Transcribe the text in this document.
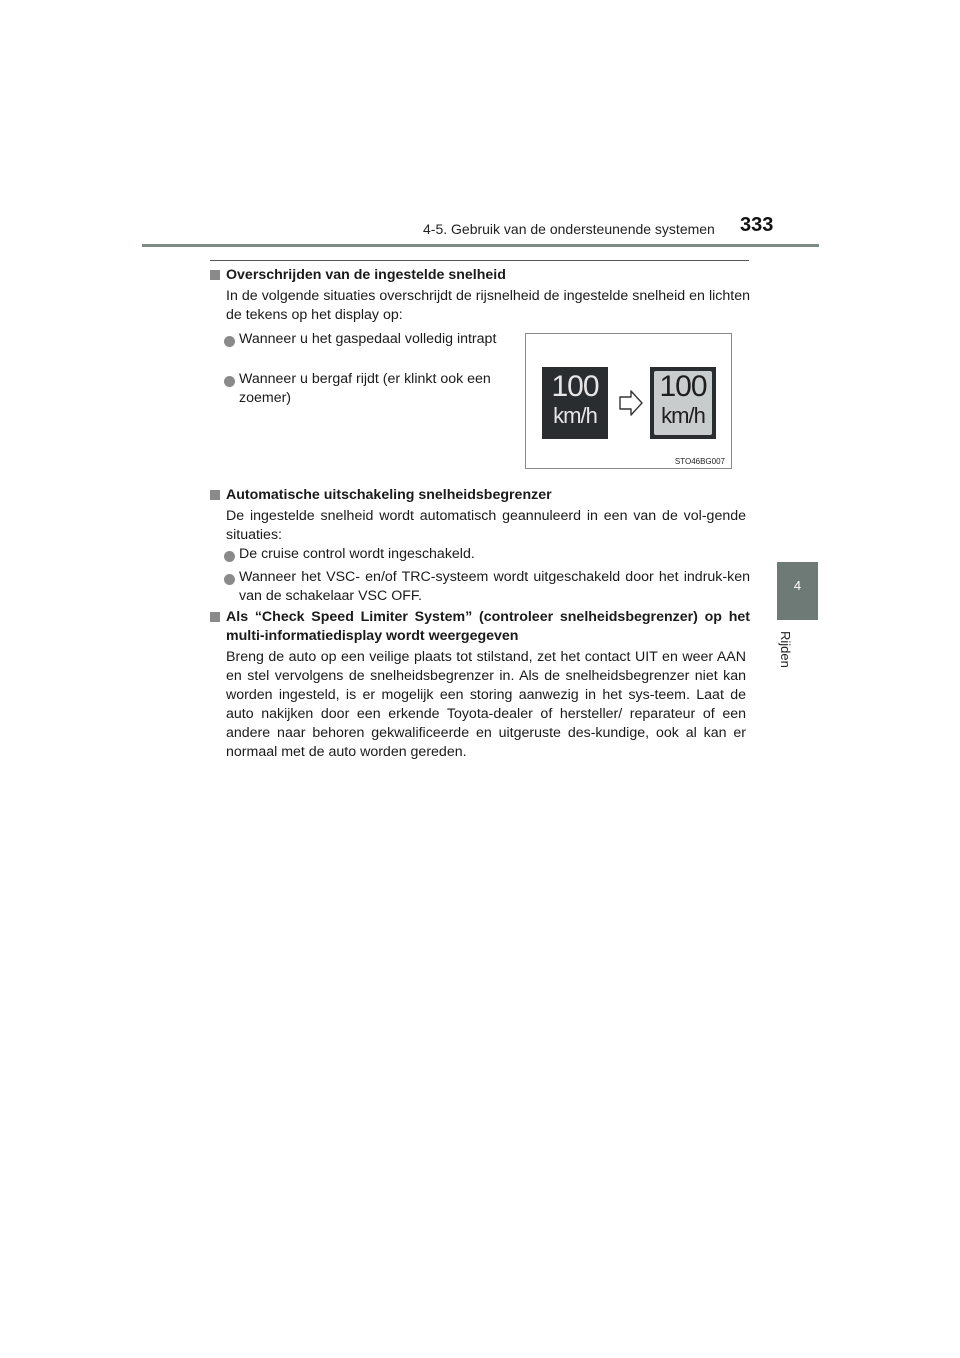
4-5. Gebruik van de ondersteunende systemen 333
4
Rijden
Overschrijden van de ingestelde snelheid
In de volgende situaties overschrijdt de rijsnelheid de ingestelde snelheid en lichten de tekens op het display op:
Wanneer u het gaspedaal volledig intrapt
Wanneer u bergaf rijdt (er klinkt ook een zoemer)	100
km/h
100
km/h
STO46BG007
Automatische uitschakeling snelheidsbegrenzer
De ingestelde snelheid wordt automatisch geannuleerd in een van de vol-gende situaties:
De cruise control wordt ingeschakeld.
Wanneer het VSC- en/of TRC-systeem wordt uitgeschakeld door het indruk-ken van de schakelaar VSC OFF.
Als “Check Speed Limiter System” (controleer snelheidsbegrenzer) op het multi-informatiedisplay wordt weergegeven
Breng de auto op een veilige plaats tot stilstand, zet het contact UIT en weer AAN en stel vervolgens de snelheidsbegrenzer in. Als de snelheidsbegrenzer niet kan worden ingesteld, is er mogelijk een storing aanwezig in het sys-teem. Laat de auto nakijken door een erkende Toyota-dealer of hersteller/ reparateur of een andere naar behoren gekwalificeerde en uitgeruste des-kundige, ook al kan er normaal met de auto worden gereden.
